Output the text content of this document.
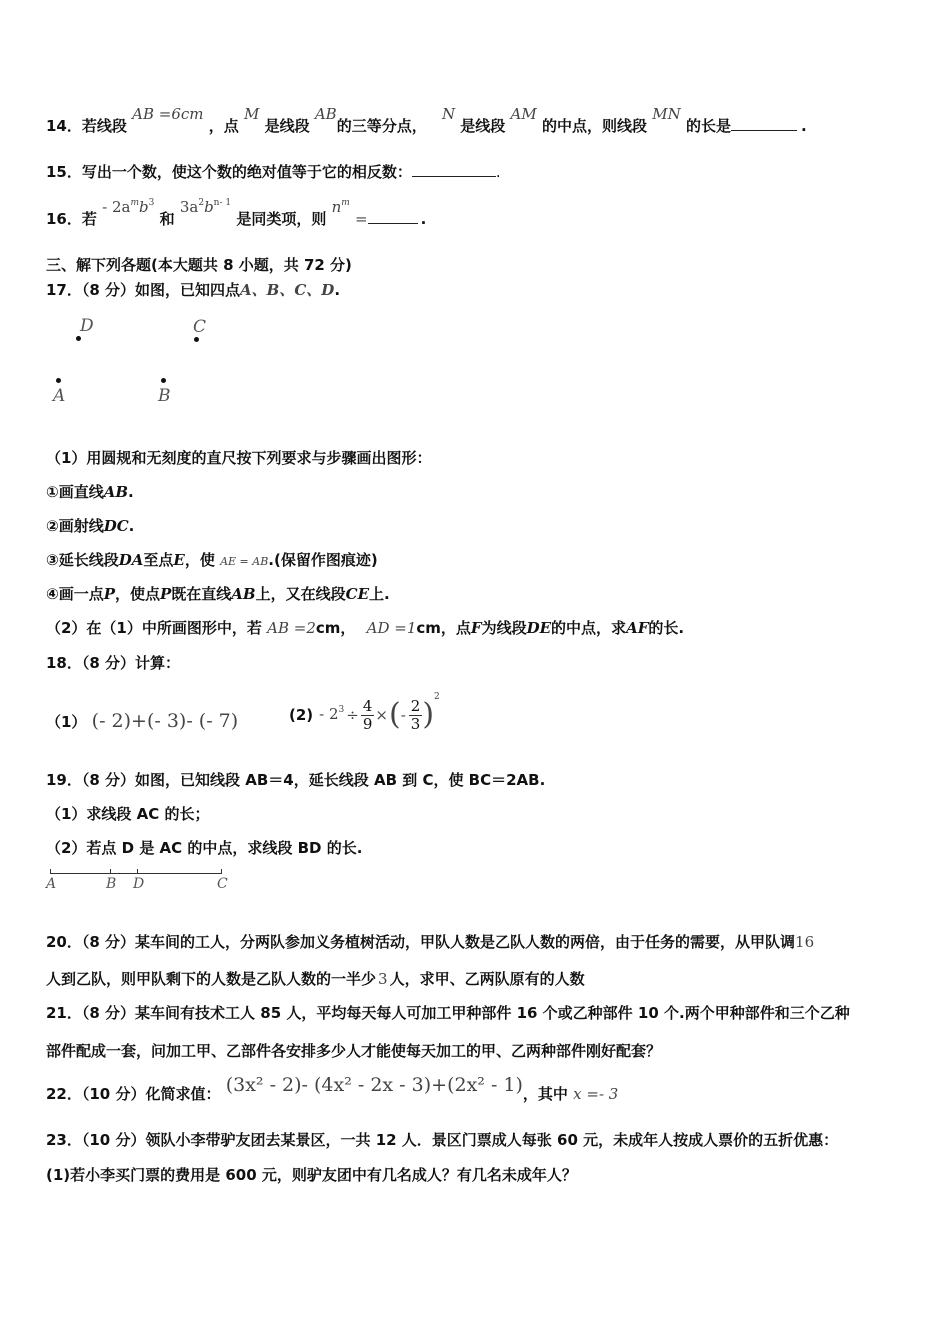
14．若线段 AB =6cm ，点 M 是线段 AB的三等分点， N 是线段 AM 的中点，则线段 MN 的长是	.
15．写出一个数，使这个数的绝对值等于它的相反数：	.
16．若 - $2a^mb^3$ 和 $3a^2b^{n- 1}$ 是同类项，则 $n^m$ =	.
三、解下列各题(本大题共 8 小题，共 72 分)
17．（8 分）如图，已知四点A、B、C、D.
D	C
A	B
（1）用圆规和无刻度的直尺按下列要求与步骤画出图形：
①画直线AB.
②画射线DC.
③延长线段DA至点E，使 AE = AB.(保留作图痕迹)
④画一点P，使点P既在直线AB上，又在线段CE上.
（2）在（1）中所画图形中，若 AB =2cm， AD =1cm，点F为线段DE的中点，求AF的长.
18．（8 分）计算：
（1） (- 2)+(- 3)- (- 7)	$(2) - 2^3 \div \frac{4}{9}$ × ( - $\frac{2}{3}$ ) 2
19．（8 分）如图，已知线段 AB＝4，延长线段 AB 到 C，使 BC＝2AB.
（1）求线段 AC 的长；
（2）若点 D 是 AC 的中点，求线段 BD 的长.
A	B D	C
20．（8 分）某车间的工人，分两队参加义务植树活动，甲队人数是乙队人数的两倍，由于任务的需要，从甲队调16
人到乙队，则甲队剩下的人数是乙队人数的一半少 3 人，求甲、乙两队原有的人数
21．（8 分）某车间有技术工人 85 人，平均每天每人可加工甲种部件 16 个或乙种部件 10 个.两个甲种部件和三个乙种
部件配成一套，问加工甲、乙部件各安排多少人才能使每天加工的甲、乙两种部件刚好配套？
22．（10 分）化简求值： (3x² - 2)- (4x² - 2x - 3)+(2x² - 1)，其中 x =- 3
23．（10 分）领队小李带驴友团去某景区，一共 12 人．景区门票成人每张 60 元，未成年人按成人票价的五折优惠：
(1)若小李买门票的费用是 600 元，则驴友团中有几名成人？有几名未成年人？
